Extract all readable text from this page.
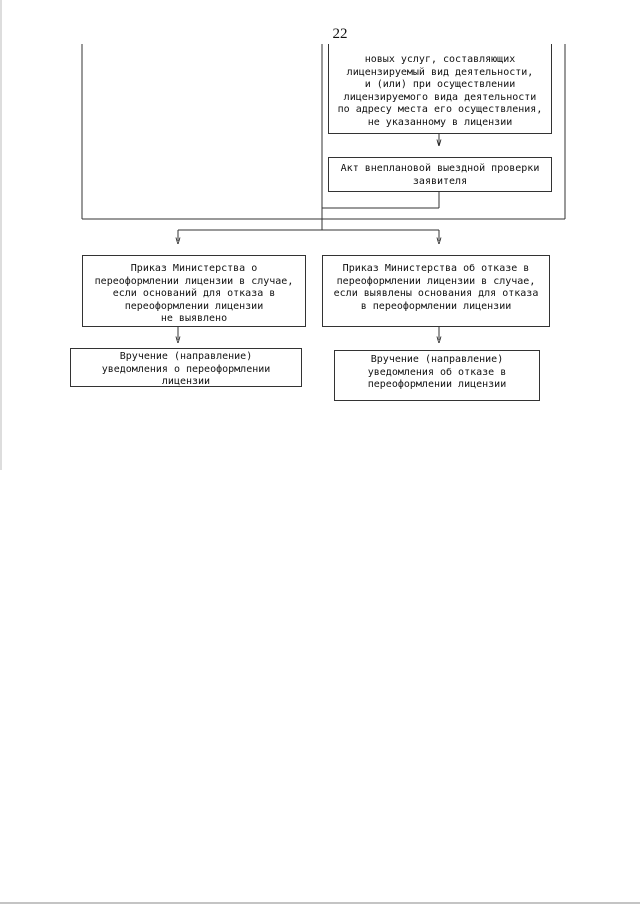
22
новых услуг, составляющих
лицензируемый вид деятельности,
и (или) при осуществлении
лицензируемого вида деятельности
по адресу места его осуществления,
не указанному в лицензии
V
Акт внеплановой выездной проверки
заявителя
V	V
Приказ Министерства о
переоформлении лицензии в случае,
если оснований для отказа в
переоформлении лицензии
не выявлено
Приказ Министерства об отказе в
переоформлении лицензии в случае,
если выявлены основания для отказа
в переоформлении лицензии
V	V
Вручение (направление)
уведомления о переоформлении
лицензии
Вручение (направление)
уведомления об отказе в
переоформлении лицензии
